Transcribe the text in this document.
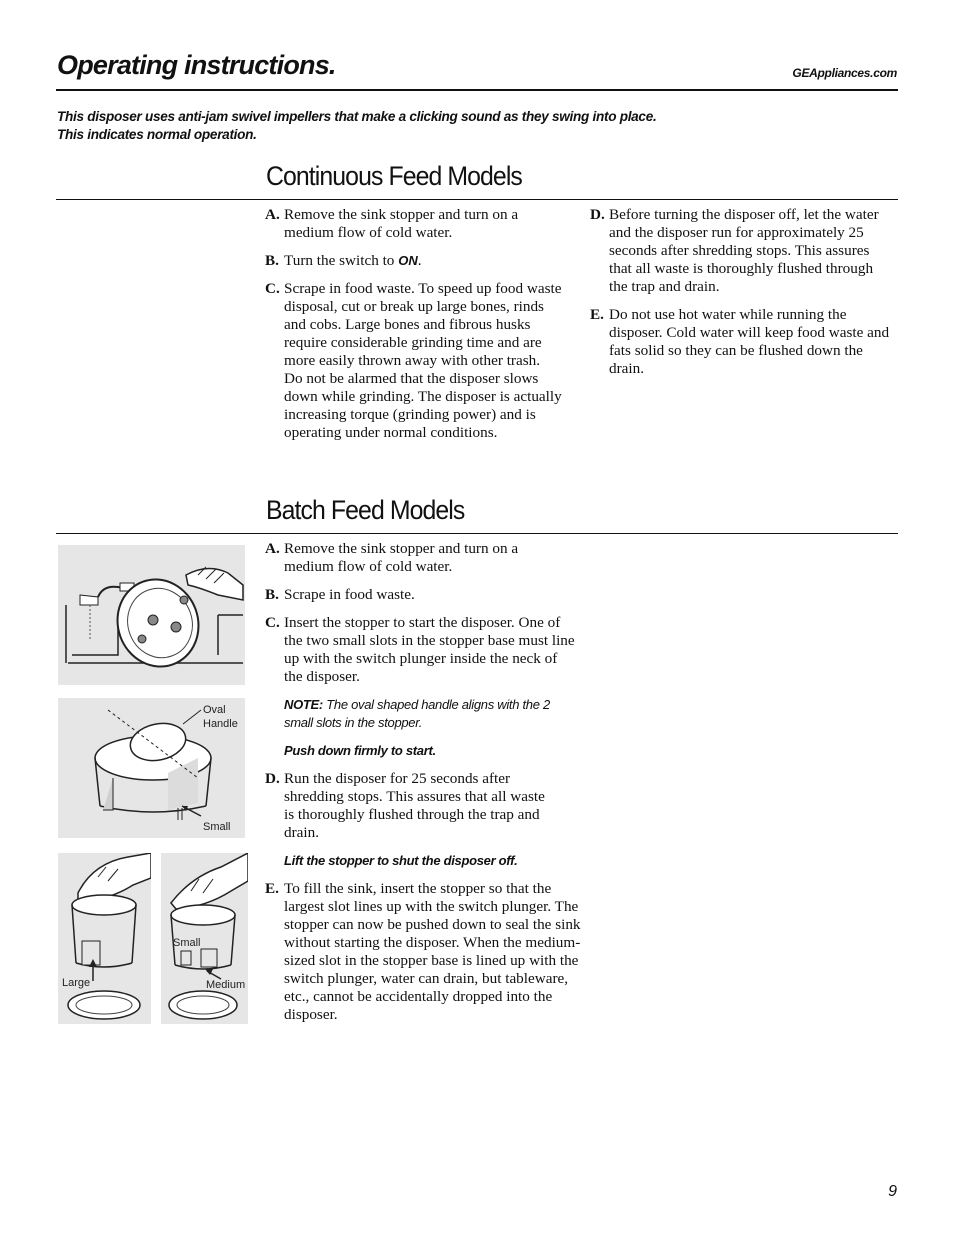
Operating instructions.	GEAppliances.com
This disposer uses anti-jam swivel impellers that make a clicking sound as they swing into place.
This indicates normal operation.
Continuous Feed Models
A. Remove the sink stopper and turn on a medium flow of cold water.
B. Turn the switch to ON.
C. Scrape in food waste. To speed up food waste disposal, cut or break up large bones, rinds and cobs. Large bones and fibrous husks require considerable grinding time and are more easily thrown away with other trash. Do not be alarmed that the disposer slows down while grinding. The disposer is actually increasing torque (grinding power) and is operating under normal conditions.
D. Before turning the disposer off, let the water and the disposer run for approximately 25 seconds after shredding stops. This assures that all waste is thoroughly flushed through the trap and drain.
E. Do not use hot water while running the disposer. Cold water will keep food waste and fats solid so they can be flushed down the drain.
Batch Feed Models
A. Remove the sink stopper and turn on a medium flow of cold water.
B. Scrape in food waste.
C. Insert the stopper to start the disposer. One of the two small slots in the stopper base must line up with the switch plunger inside the neck of the disposer.
NOTE: The oval shaped handle aligns with the 2 small slots in the stopper.
Push down firmly to start.
D. Run the disposer for 25 seconds after shredding stops. This assures that all waste is thoroughly flushed through the trap and drain.
Lift the stopper to shut the disposer off.
E. To fill the sink, insert the stopper so that the largest slot lines up with the switch plunger. The stopper can now be pushed down to seal the sink without starting the disposer. When the medium-sized slot in the stopper base is lined up with the switch plunger, water can drain, but tableware, etc., cannot be accidentally dropped into the disposer.
Oval
Handle
Small
Large
Small
Medium
9
